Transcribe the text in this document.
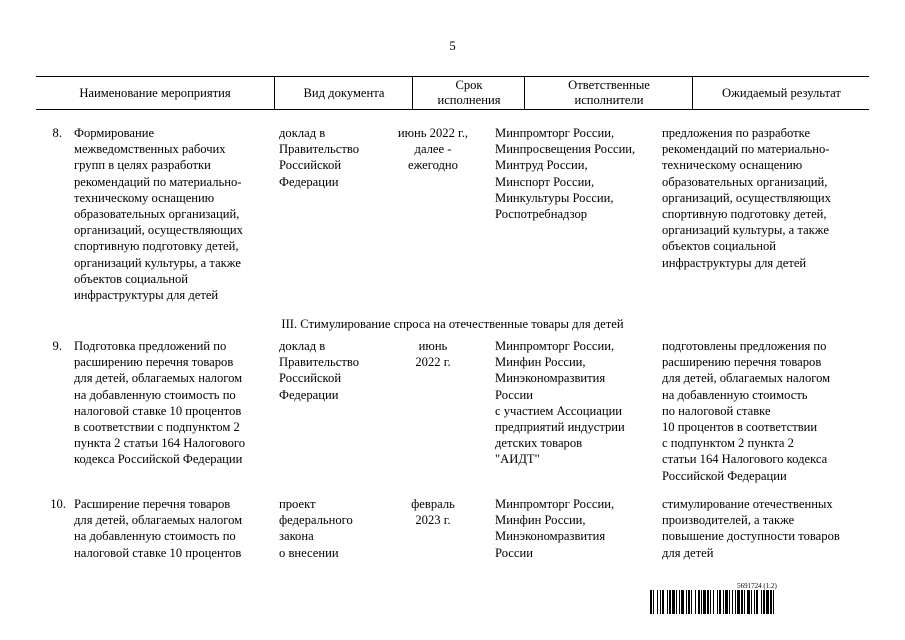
5
Наименование мероприятия	Вид документа
Срок
исполнения
Ответственные
исполнители
Ожидаемый результат
8. Формирование
межведомственных рабочих
групп в целях разработки
рекомендаций по материально-
техническому оснащению
образовательных организаций,
организаций, осуществляющих
спортивную подготовку детей,
организаций культуры, а также
объектов социальной
инфраструктуры для детей
доклад в
Правительство
Российской
Федерации
июнь 2022 г.,
далее -
ежегодно
Минпромторг России,
Минпросвещения России,
Минтруд России,
Минспорт России,
Минкультуры России,
Роспотребнадзор
предложения по разработке
рекомендаций по материально-
техническому оснащению
образовательных организаций,
организаций, осуществляющих
спортивную подготовку детей,
организаций культуры, а также
объектов социальной
инфраструктуры для детей
III. Стимулирование спроса на отечественные товары для детей
9. Подготовка предложений по
расширению перечня товаров
для детей, облагаемых налогом
на добавленную стоимость по
налоговой ставке 10 процентов
в соответствии с подпунктом 2
пункта 2 статьи 164 Налогового
кодекса Российской Федерации
доклад в
Правительство
Российской
Федерации
июнь
2022 г.
Минпромторг России,
Минфин России,
Минэкономразвития
России
с участием Ассоциации
предприятий индустрии
детских товаров
"АИДТ"
подготовлены предложения по
расширению перечня товаров
для детей, облагаемых налогом
на добавленную стоимость
по налоговой ставке
10 процентов в соответствии
с подпунктом 2 пункта 2
статьи 164 Налогового кодекса
Российской Федерации
10. Расширение перечня товаров
для детей, облагаемых налогом
на добавленную стоимость по
налоговой ставке 10 процентов
проект
федерального
закона
о внесении
февраль
2023 г.
Минпромторг России,
Минфин России,
Минэкономразвития
России
стимулирование отечественных
производителей, а также
повышение доступности товаров
для детей
5691724 (1.2)
